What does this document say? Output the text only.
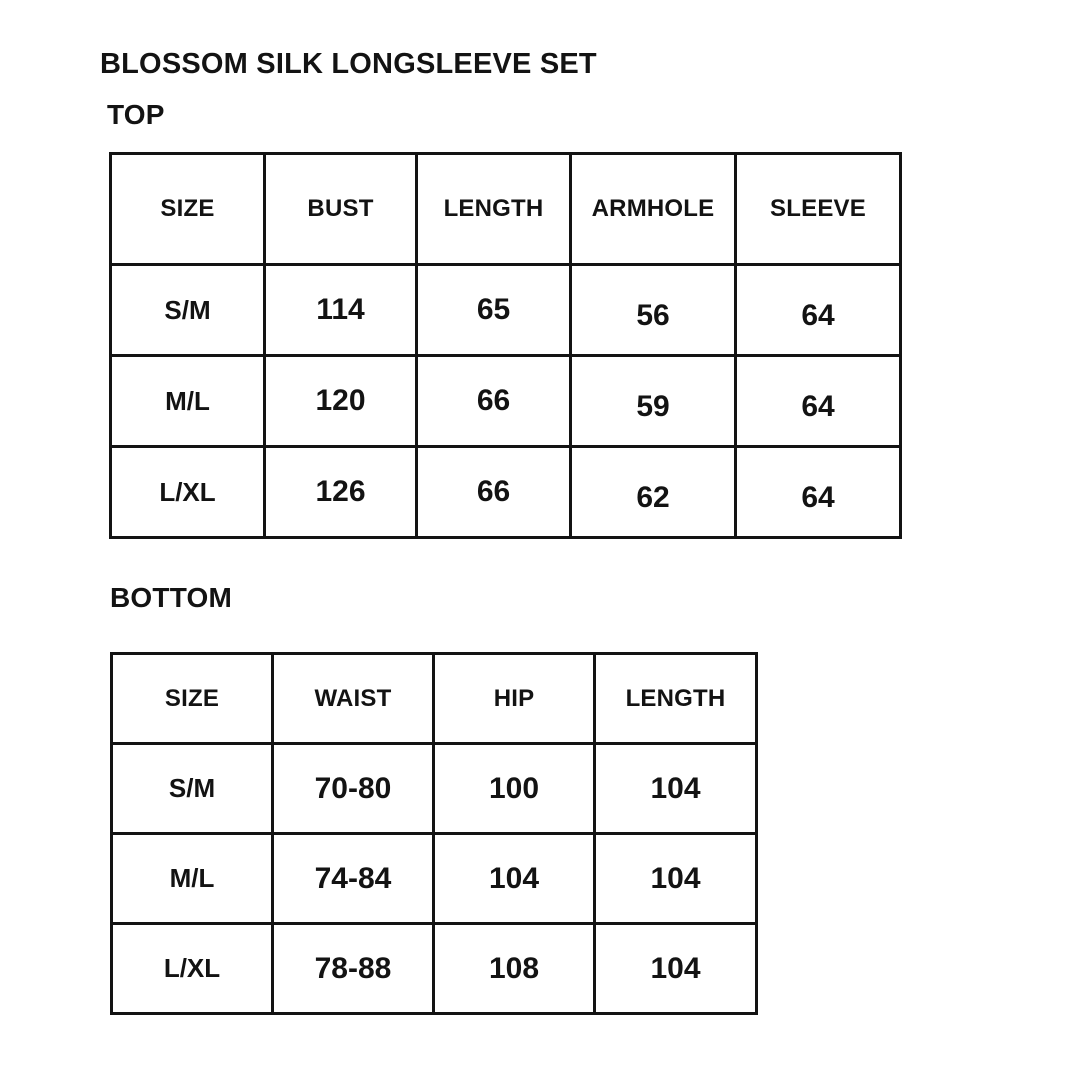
BLOSSOM SILK LONGSLEEVE SET
TOP
SIZE	BUST	LENGTH	ARMHOLE	SLEEVE
S/M	114	65	56	64
M/L	120	66	59	64
L/XL	126	66	62	64
BOTTOM
SIZE	WAIST	HIP	LENGTH
S/M	70-80	100	104
M/L	74-84	104	104
L/XL	78-88	108	104
